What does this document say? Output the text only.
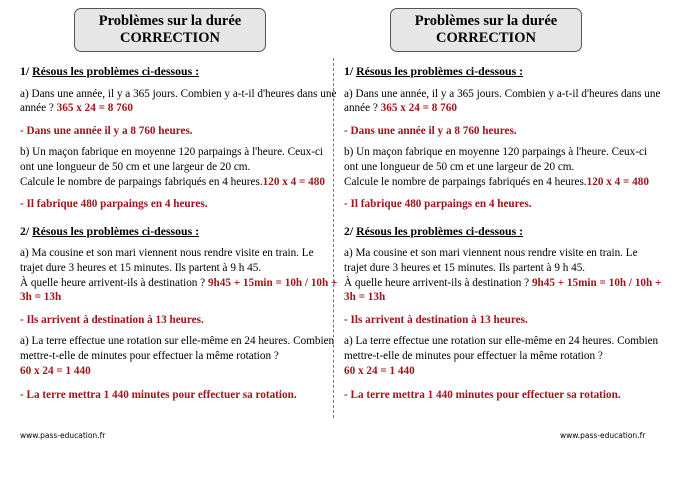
Problèmes sur la durée
CORRECTION
1/ Résous les problèmes ci-dessous :
a) Dans une année, il y a 365 jours. Combien y a-t-il d'heures dans une année ? 365 x 24 = 8 760
- Dans une année il y a 8 760 heures.
b) Un maçon fabrique en moyenne 120 parpaings à l'heure. Ceux-ci ont une longueur de 50 cm et une largeur de 20 cm.
Calcule le nombre de parpaings fabriqués en 4 heures.120 x 4 = 480
- Il fabrique 480 parpaings en 4 heures.
2/ Résous les problèmes ci-dessous :
a) Ma cousine et son mari viennent nous rendre visite en train. Le trajet dure 3 heures et 15 minutes. Ils partent à 9 h 45.
À quelle heure arrivent-ils à destination ? 9h45 + 15min = 10h / 10h + 3h = 13h
- Ils arrivent à destination à 13 heures.
a) La terre effectue une rotation sur elle-même en 24 heures. Combien mettre-t-elle de minutes pour effectuer la même rotation ?
60 x 24 = 1 440
- La terre mettra 1 440 minutes pour effectuer sa rotation.
www.pass-education.fr
Problèmes sur la durée
CORRECTION
1/ Résous les problèmes ci-dessous :
a) Dans une année, il y a 365 jours. Combien y a-t-il d'heures dans une année ? 365 x 24 = 8 760
- Dans une année il y a 8 760 heures.
b) Un maçon fabrique en moyenne 120 parpaings à l'heure. Ceux-ci ont une longueur de 50 cm et une largeur de 20 cm.
Calcule le nombre de parpaings fabriqués en 4 heures.120 x 4 = 480
- Il fabrique 480 parpaings en 4 heures.
2/ Résous les problèmes ci-dessous :
a) Ma cousine et son mari viennent nous rendre visite en train. Le trajet dure 3 heures et 15 minutes. Ils partent à 9 h 45.
À quelle heure arrivent-ils à destination ? 9h45 + 15min = 10h / 10h + 3h = 13h
- Ils arrivent à destination à 13 heures.
a) La terre effectue une rotation sur elle-même en 24 heures. Combien mettre-t-elle de minutes pour effectuer la même rotation ?
60 x 24 = 1 440
- La terre mettra 1 440 minutes pour effectuer sa rotation.
www.pass-education.fr
